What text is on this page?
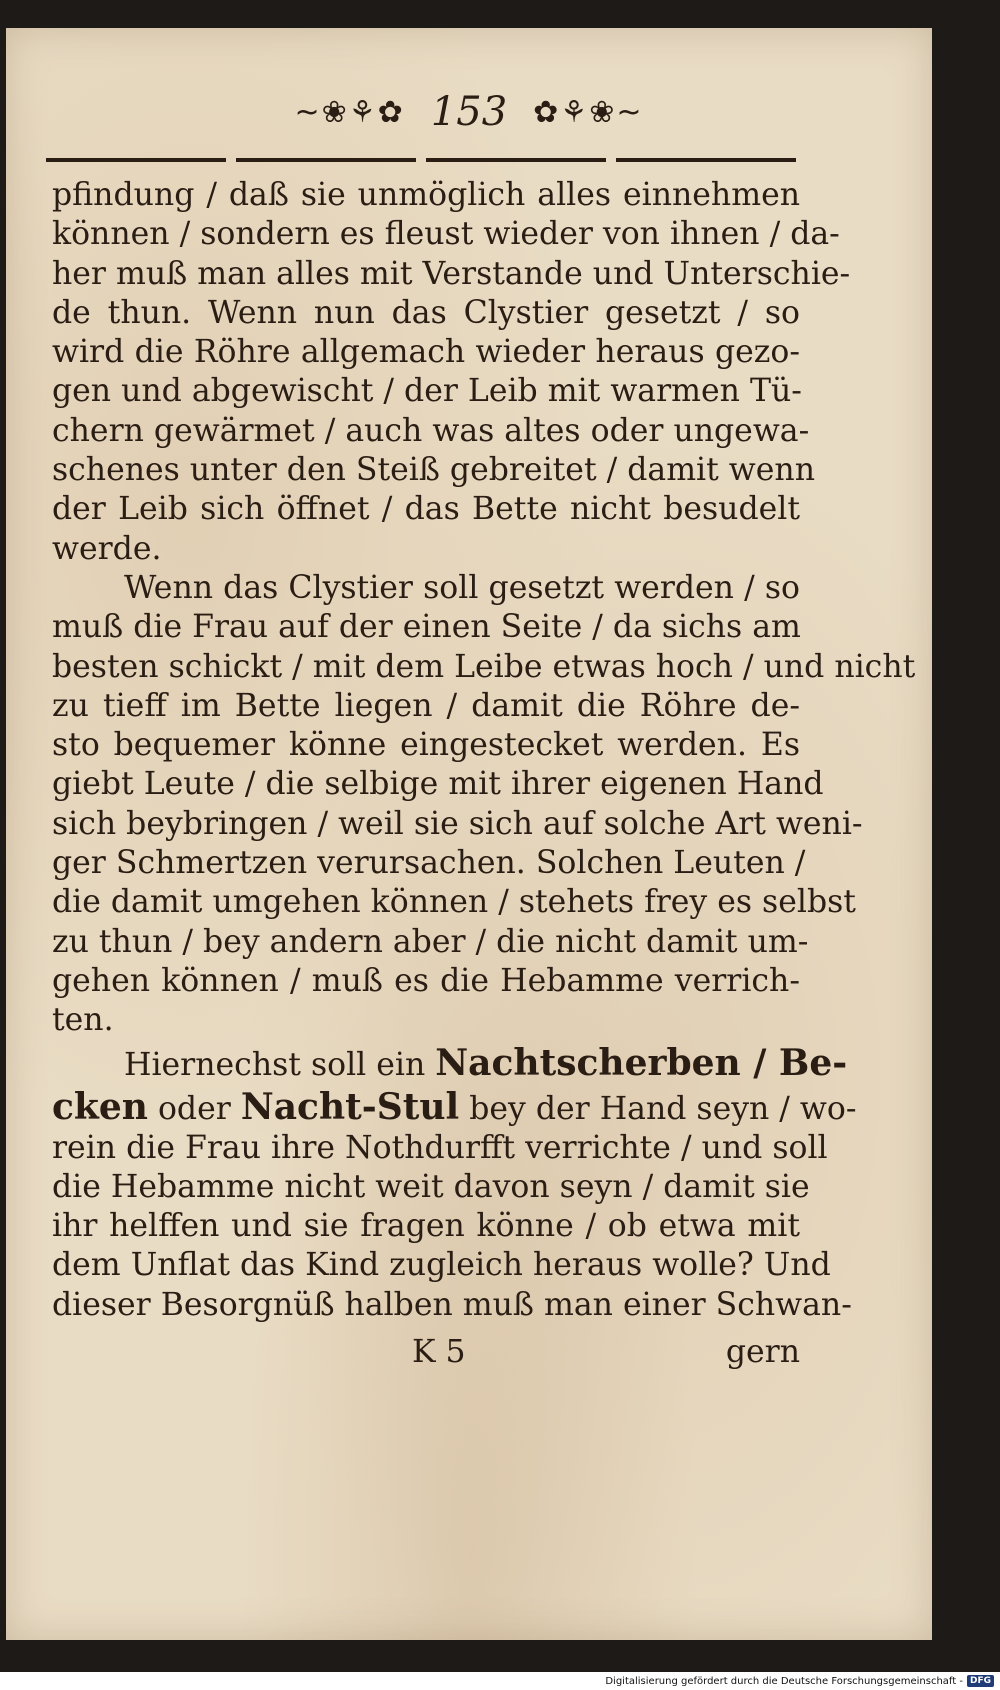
~❀⚘✿ 153 ✿⚘❀~
pfindung / daß sie unmöglich alles einnehmen
können / sondern es fleust wieder von ihnen / da-
her muß man alles mit Verstande und Unterschie-
de thun. Wenn nun das Clystier gesetzt / so
wird die Röhre allgemach wieder heraus gezo-
gen und abgewischt / der Leib mit warmen Tü-
chern gewärmet / auch was altes oder ungewa-
schenes unter den Steiß gebreitet / damit wenn
der Leib sich öffnet / das Bette nicht besudelt
werde.
Wenn das Clystier soll gesetzt werden / so
muß die Frau auf der einen Seite / da sichs am
besten schickt / mit dem Leibe etwas hoch / und nicht
zu tieff im Bette liegen / damit die Röhre de-
sto bequemer könne eingestecket werden. Es
giebt Leute / die selbige mit ihrer eigenen Hand
sich beybringen / weil sie sich auf solche Art weni-
ger Schmertzen verursachen. Solchen Leuten /
die damit umgehen können / stehets frey es selbst
zu thun / bey andern aber / die nicht damit um-
gehen können / muß es die Hebamme verrich-
ten.
Hiernechst soll ein Nachtscherben / Be-
cken oder Nacht-Stul bey der Hand seyn / wo-
rein die Frau ihre Nothdurfft verrichte / und soll
die Hebamme nicht weit davon seyn / damit sie
ihr helffen und sie fragen könne / ob etwa mit
dem Unflat das Kind zugleich heraus wolle? Und
dieser Besorgnüß halben muß man einer Schwan-
K 5	gern
Digitalisierung gefördert durch die Deutsche Forschungsgemeinschaft - DFG
